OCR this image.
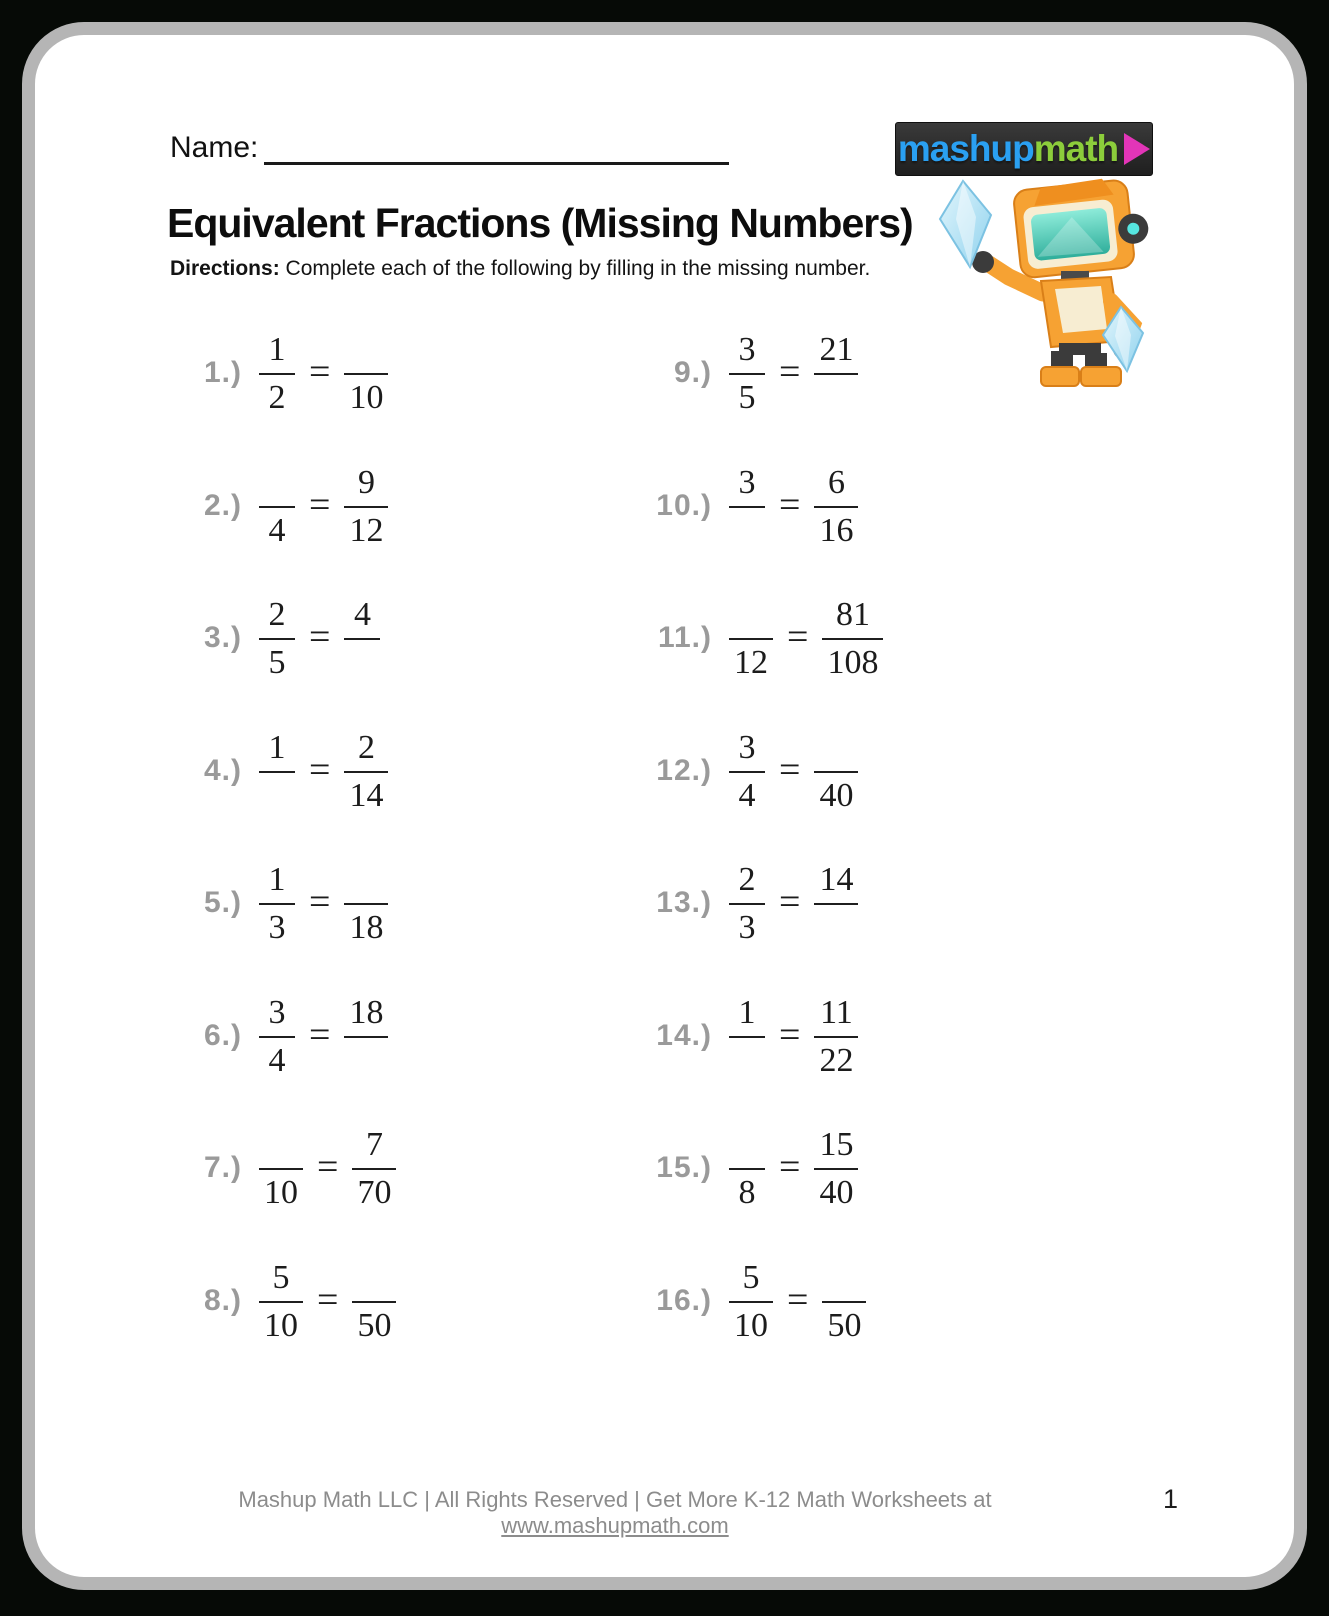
Name:	mashup math
Equivalent Fractions (Missing Numbers)
Directions: Complete each of the following by filling in the missing number.
$1.) \frac{1}{2}$ =
10
2.)
4
= $\frac{9}{12}$
$3.) \frac{2}{5}$ =
4
4.)
1
= $\frac{2}{14}$
$5.) \frac{1}{3}$ =
18
$6.) \frac{3}{4}$ =
18
7.)
10
= $\frac{7}{70}$
$8.) \frac{5}{10}$ =
50
$9.) \frac{3}{5}$ =
21
10.)
3
= $\frac{6}{16}$
11.)
12
= $\frac{81}{108}$
$12.) \frac{3}{4}$ =
40
$13.) \frac{2}{3}$ =
14
14.)
1
= $\frac{11}{22}$
15.)
8
= $\frac{15}{40}$
$16.) \frac{5}{10}$ =
50
Mashup Math LLC | All Rights Reserved | Get More K-12 Math Worksheets at www.mashupmath.com
1
